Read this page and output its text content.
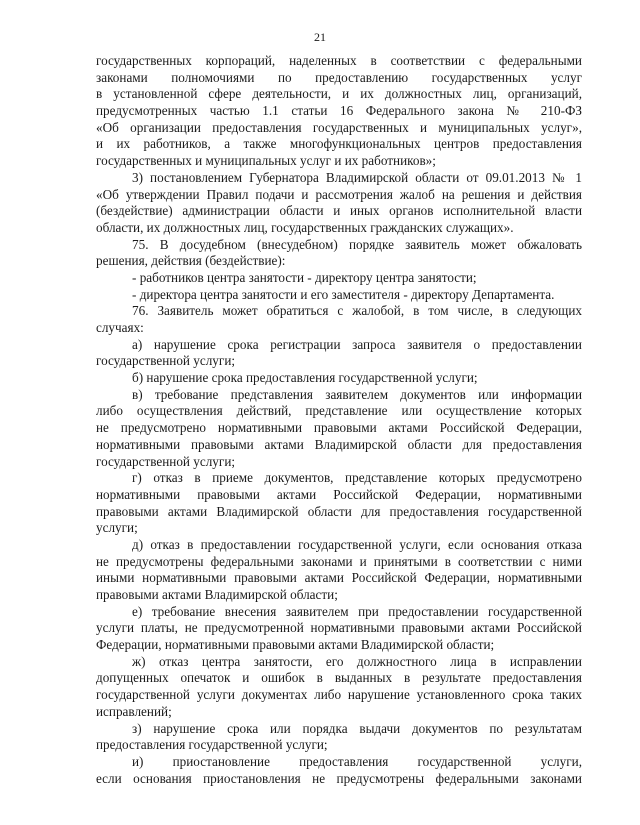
21
государственных корпораций, наделенных в соответствии с федеральными
законами полномочиями по предоставлению государственных услуг
в установленной сфере деятельности, и их должностных лиц, организаций,
предусмотренных частью 1.1 статьи 16 Федерального закона № 210-ФЗ
«Об организации предоставления государственных и муниципальных услуг»,
и их работников, а также многофункциональных центров предоставления
государственных и муниципальных услуг и их работников»;
3) постановлением Губернатора Владимирской области от 09.01.2013 № 1
«Об утверждении Правил подачи и рассмотрения жалоб на решения и действия
(бездействие) администрации области и иных органов исполнительной власти
области, их должностных лиц, государственных гражданских служащих».
75. В досудебном (внесудебном) порядке заявитель может обжаловать
решения, действия (бездействие):
- работников центра занятости - директору центра занятости;
- директора центра занятости и его заместителя - директору Департамента.
76. Заявитель может обратиться с жалобой, в том числе, в следующих
случаях:
а) нарушение срока регистрации запроса заявителя о предоставлении
государственной услуги;
б) нарушение срока предоставления государственной услуги;
в) требование представления заявителем документов или информации
либо осуществления действий, представление или осуществление которых
не предусмотрено нормативными правовыми актами Российской Федерации,
нормативными правовыми актами Владимирской области для предоставления
государственной услуги;
г) отказ в приеме документов, представление которых предусмотрено
нормативными правовыми актами Российской Федерации, нормативными
правовыми актами Владимирской области для предоставления государственной
услуги;
д) отказ в предоставлении государственной услуги, если основания отказа
не предусмотрены федеральными законами и принятыми в соответствии с ними
иными нормативными правовыми актами Российской Федерации, нормативными
правовыми актами Владимирской области;
е) требование внесения заявителем при предоставлении государственной
услуги платы, не предусмотренной нормативными правовыми актами Российской
Федерации, нормативными правовыми актами Владимирской области;
ж) отказ центра занятости, его должностного лица в исправлении
допущенных опечаток и ошибок в выданных в результате предоставления
государственной услуги документах либо нарушение установленного срока таких
исправлений;
з) нарушение срока или порядка выдачи документов по результатам
предоставления государственной услуги;
и) приостановление предоставления государственной услуги,
если основания приостановления не предусмотрены федеральными законами
